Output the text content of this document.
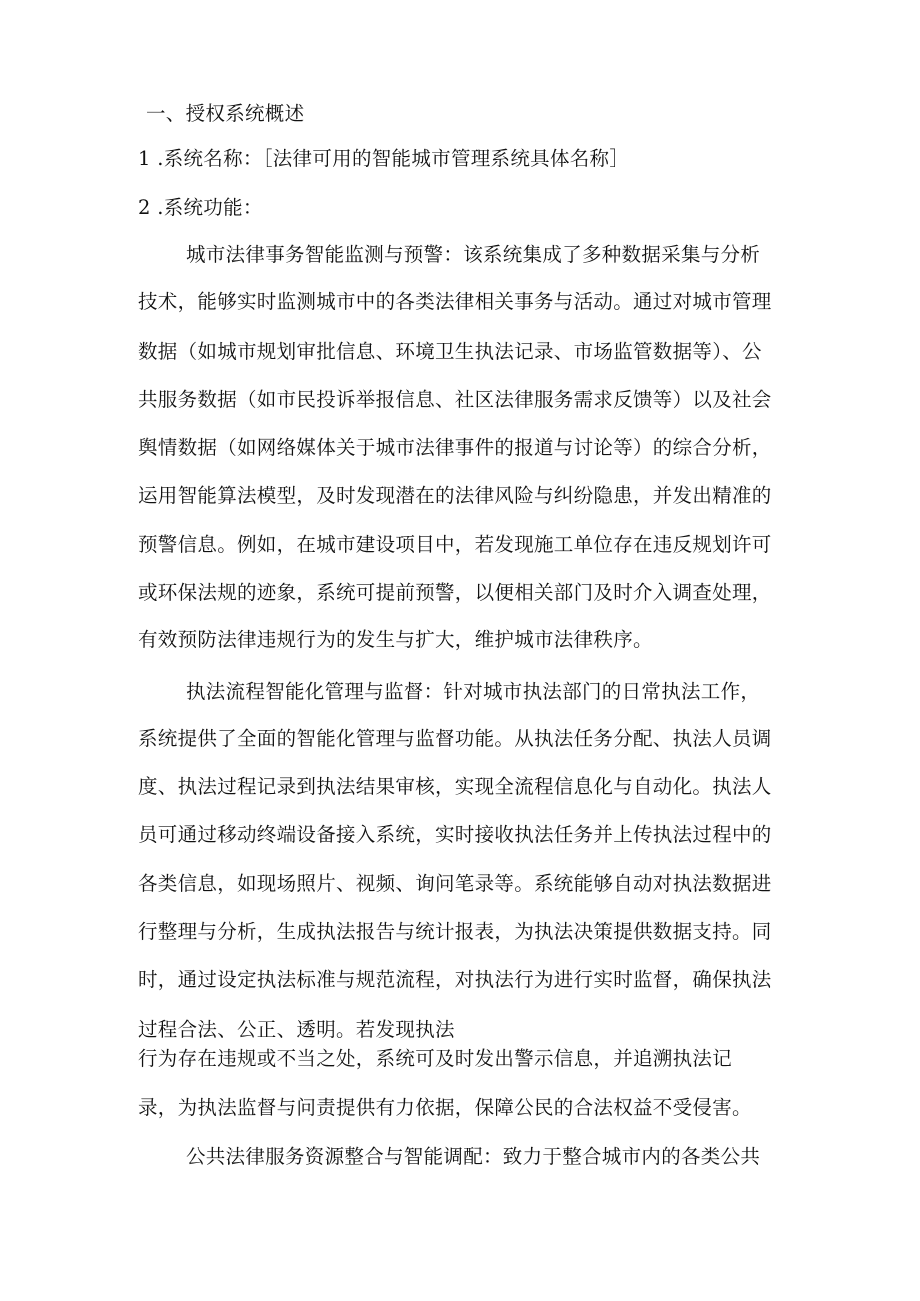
一、授权系统概述
1 .系统名称：［法律可用的智能城市管理系统具体名称］
2 .系统功能：
城市法律事务智能监测与预警：该系统集成了多种数据采集与分析
技术，能够实时监测城市中的各类法律相关事务与活动。通过对城市管理
数据（如城市规划审批信息、环境卫生执法记录、市场监管数据等）、公
共服务数据（如市民投诉举报信息、社区法律服务需求反馈等）以及社会
舆情数据（如网络媒体关于城市法律事件的报道与讨论等）的综合分析，
运用智能算法模型，及时发现潜在的法律风险与纠纷隐患，并发出精准的
预警信息。例如，在城市建设项目中，若发现施工单位存在违反规划许可
或环保法规的迹象，系统可提前预警，以便相关部门及时介入调查处理，
有效预防法律违规行为的发生与扩大，维护城市法律秩序。
执法流程智能化管理与监督：针对城市执法部门的日常执法工作，
系统提供了全面的智能化管理与监督功能。从执法任务分配、执法人员调
度、执法过程记录到执法结果审核，实现全流程信息化与自动化。执法人
员可通过移动终端设备接入系统，实时接收执法任务并上传执法过程中的
各类信息，如现场照片、视频、询问笔录等。系统能够自动对执法数据进
行整理与分析，生成执法报告与统计报表，为执法决策提供数据支持。同
时，通过设定执法标准与规范流程，对执法行为进行实时监督，确保执法
过程合法、公正、透明。若发现执法
行为存在违规或不当之处，系统可及时发出警示信息，并追溯执法记
录，为执法监督与问责提供有力依据，保障公民的合法权益不受侵害。
公共法律服务资源整合与智能调配：致力于整合城市内的各类公共
